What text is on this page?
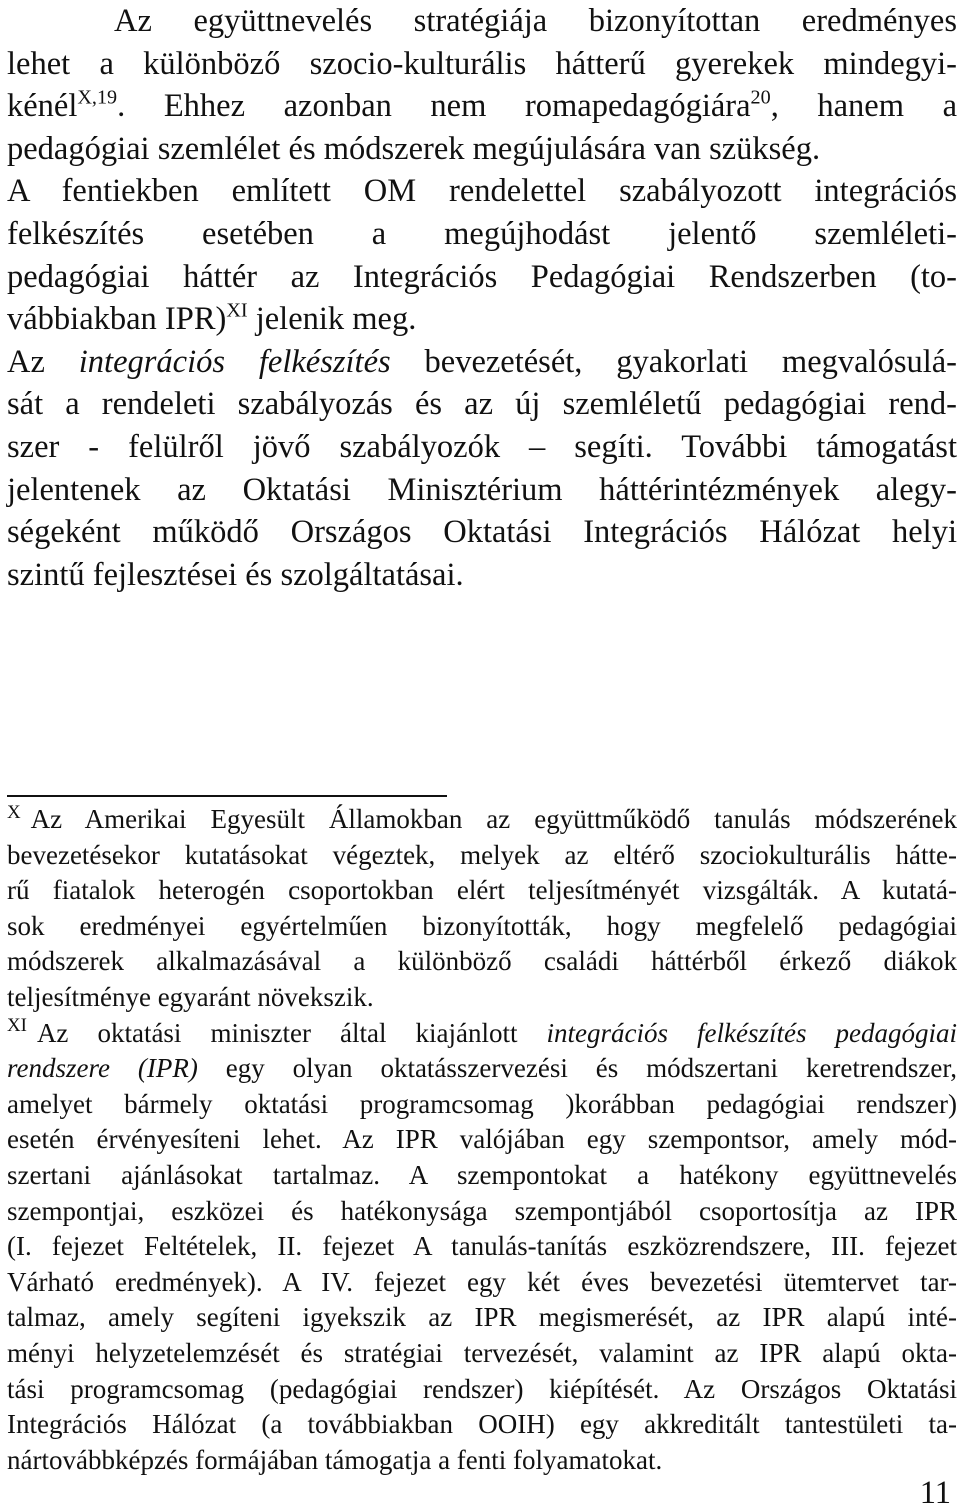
Az együttnevelés stratégiája bizonyítottan eredményes
lehet a különböző szocio-kulturális hátterű gyerekek mindegyi-
kénél$^{X,19}$. Ehhez azonban nem romapedagógiára$^{20}$, hanem a
pedagógiai szemlélet és módszerek megújulására van szükség.
A fentiekben említett OM rendelettel szabályozott integrációs
felkészítés esetében a megújhodást jelentő szemléleti-
pedagógiai háttér az Integrációs Pedagógiai Rendszerben (to-
vábbiakban IPR)$^{XI}$ jelenik meg.
Az integrációs felkészítés bevezetését, gyakorlati megvalósulá-
sát a rendeleti szabályozás és az új szemléletű pedagógiai rend-
szer - felülről jövő szabályozók – segíti. További támogatást
jelentenek az Oktatási Minisztérium háttérintézmények alegy-
ségeként működő Országos Oktatási Integrációs Hálózat helyi
szintű fejlesztései és szolgáltatásai.
$^X$ Az Amerikai Egyesült Államokban az együttműködő tanulás módszerének
bevezetésekor kutatásokat végeztek, melyek az eltérő szociokulturális hátte-
rű fiatalok heterogén csoportokban elért teljesítményét vizsgálták. A kutatá-
sok eredményei egyértelműen bizonyították, hogy megfelelő pedagógiai
módszerek alkalmazásával a különböző családi háttérből érkező diákok
teljesítménye egyaránt növekszik.
$^{XI}$ Az oktatási miniszter által kiajánlott integrációs felkészítés pedagógiai
rendszere (IPR) egy olyan oktatásszervezési és módszertani keretrendszer,
amelyet bármely oktatási programcsomag )korábban pedagógiai rendszer)
esetén érvényesíteni lehet. Az IPR valójában egy szempontsor, amely mód-
szertani ajánlásokat tartalmaz. A szempontokat a hatékony együttnevelés
szempontjai, eszközei és hatékonysága szempontjából csoportosítja az IPR
(I. fejezet Feltételek, II. fejezet A tanulás-tanítás eszközrendszere, III. fejezet
Várható eredmények). A IV. fejezet egy két éves bevezetési ütemtervet tar-
talmaz, amely segíteni igyekszik az IPR megismerését, az IPR alapú inté-
ményi helyzetelemzését és stratégiai tervezését, valamint az IPR alapú okta-
tási programcsomag (pedagógiai rendszer) kiépítését. Az Országos Oktatási
Integrációs Hálózat (a továbbiakban OOIH) egy akkreditált tantestületi ta-
nártovábbképzés formájában támogatja a fenti folyamatokat.
11
